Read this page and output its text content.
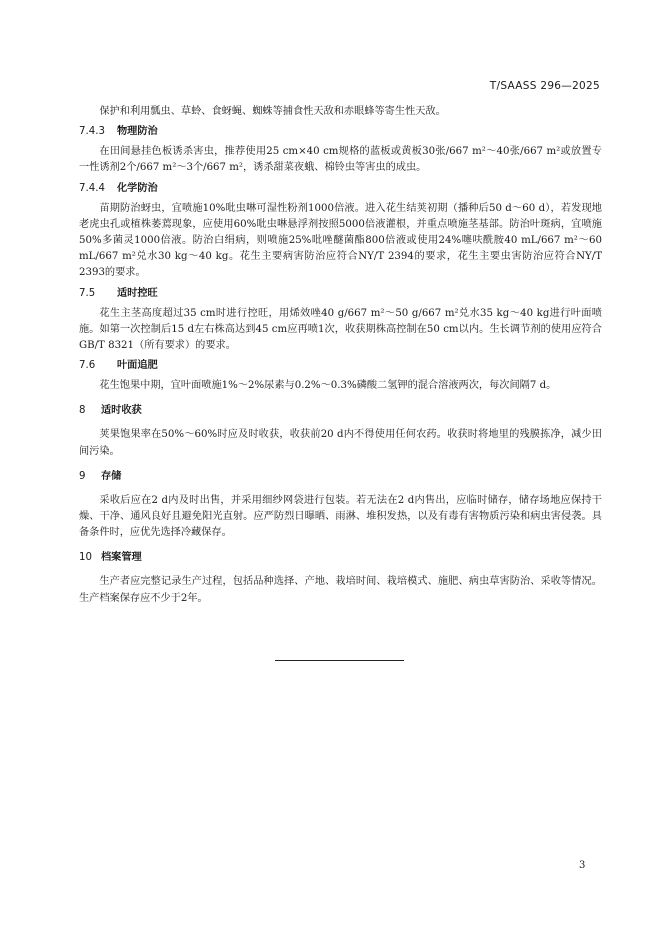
T/SAASS 296—2025

保护和利用瓢虫、草蛉、食蚜蝇、蜘蛛等捕食性天敌和赤眼蜂等寄生性天敌。

7.4.3 物理防治

在田间悬挂色板诱杀害虫，推荐使用25 cm×40 cm规格的蓝板或黄板30张/667 m²～40张/667 m²或放置专一性诱剂2个/667 m²～3个/667 m²，诱杀甜菜夜蛾、棉铃虫等害虫的成虫。

7.4.4 化学防治

苗期防治蚜虫，宜喷施10%吡虫啉可湿性粉剂1000倍液。进入花生结荚初期（播种后50 d～60 d），若发现地老虎虫孔或植株萎蔫现象，应使用60%吡虫啉悬浮剂按照5000倍液灌根，并重点喷施茎基部。防治叶斑病，宜喷施50%多菌灵1000倍液。防治白绢病，则喷施25%吡唑醚菌酯800倍液或使用24%噻呋酰胺40 mL/667 m²～60 mL/667 m²兑水30 kg～40 kg。花生主要病害防治应符合NY/T 2394的要求，花生主要虫害防治应符合NY/T 2393的要求。

7.5 适时控旺

花生主茎高度超过35 cm时进行控旺，用烯效唑40 g/667 m²～50 g/667 m²兑水35 kg～40 kg进行叶面喷施。如第一次控制后15 d左右株高达到45 cm应再喷1次，收获期株高控制在50 cm以内。生长调节剂的使用应符合GB/T 8321（所有要求）的要求。

7.6 叶面追肥

花生饱果中期，宜叶面喷施1%～2%尿素与0.2%～0.3%磷酸二氢钾的混合溶液两次，每次间隔7 d。

8 适时收获

荚果饱果率在50%～60%时应及时收获，收获前20 d内不得使用任何农药。收获时将地里的残膜拣净，减少田间污染。

9 存储

采收后应在2 d内及时出售，并采用细纱网袋进行包装。若无法在2 d内售出，应临时储存，储存场地应保持干燥、干净、通风良好且避免阳光直射。应严防烈日曝晒、雨淋、堆积发热，以及有毒有害物质污染和病虫害侵袭。具备条件时，应优先选择冷藏保存。

10 档案管理

生产者应完整记录生产过程，包括品种选择、产地、栽培时间、栽培模式、施肥、病虫草害防治、采收等情况。生产档案保存应不少于2年。

3
